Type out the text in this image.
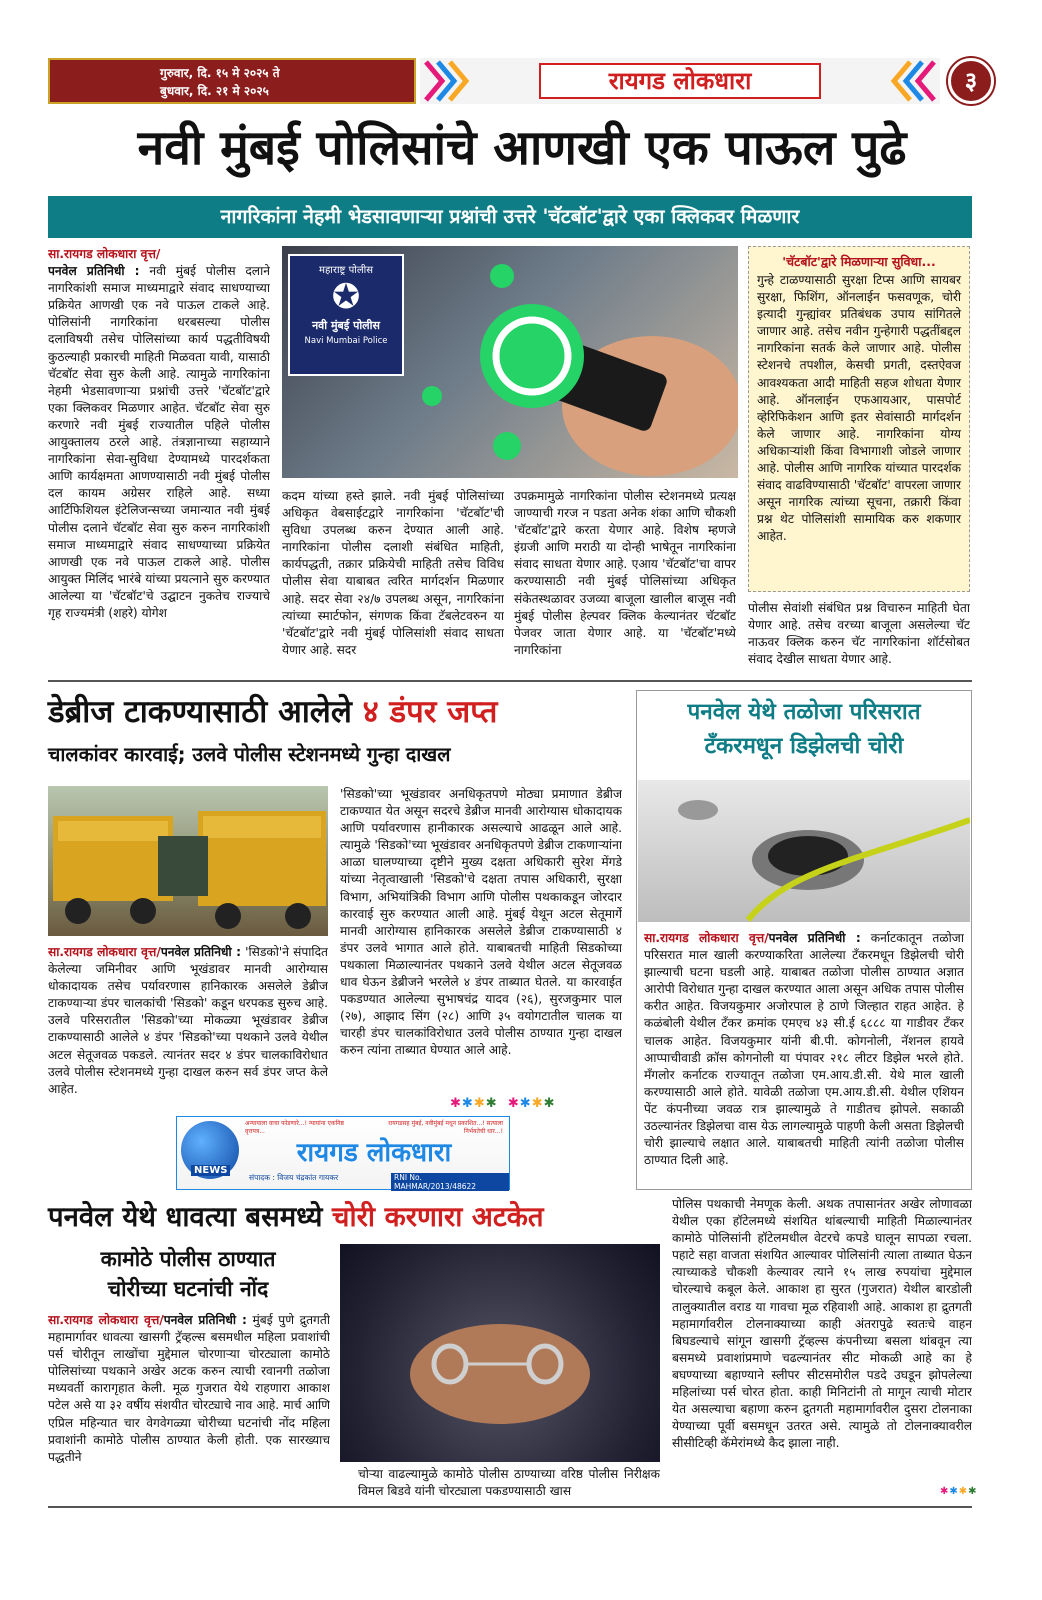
गुरुवार, दि. १५ मे २०२५ ते
बुधवार, दि. २१ मे २०२५	रायगड लोकधारा	३
नवी मुंबई पोलिसांचे आणखी एक पाऊल पुढे
नागरिकांना नेहमी भेडसावणाऱ्या प्रश्नांची उत्तरे 'चॅटबॉट'द्वारे एका क्लिकवर मिळणार

सा.रायगड लोकधारा वृत्त/

पनवेल प्रतिनिधी : नवी मुंबई पोलीस दलाने नागरिकांशी समाज माध्यमाद्वारे संवाद साधण्याच्या प्रक्रियेत आणखी एक नवे पाऊल टाकले आहे. पोलिसांनी नागरिकांना धरबसल्या पोलीस दलाविषयी तसेच पोलिसांच्या कार्य पद्धतीविषयी कुठल्याही प्रकारची माहिती मिळवता यावी, यासाठी चॅटबॉट सेवा सुरु केली आहे. त्यामुळे नागरिकांना नेहमी भेडसावणाऱ्या प्रश्नांची उत्तरे 'चॅटबॉट'द्वारे एका क्लिकवर मिळणार आहेत. चॅटबॉट सेवा सुरु करणारे नवी मुंबई राज्यातील पहिले पोलीस आयुक्तालय ठरले आहे. तंत्रज्ञानाच्या सहाय्याने नागरिकांना सेवा-सुविधा देण्यामध्ये पारदर्शकता आणि कार्यक्षमता आणण्यासाठी नवी मुंबई पोलीस दल कायम अग्रेसर राहिले आहे. सध्या आर्टिफिशियल इंटेलिजन्सच्या जमान्यात नवी मुंबई पोलीस दलाने चॅटबॉट सेवा सुरु करुन नागरिकांशी समाज माध्यमाद्वारे संवाद साधण्याच्या प्रक्रियेत आणखी एक नवे पाऊल टाकले आहे. पोलीस आयुक्त मिलिंद भारंबे यांच्या प्रयत्नाने सुरु करण्यात आलेल्या या 'चॅटबॉट'चे उद्घाटन नुकतेच राज्याचे गृह राज्यमंत्री (शहरे) योगेश

महाराष्ट्र पोलीस
✪
नवी मुंबई पोलीस
Navi Mumbai Police

कदम यांच्या हस्ते झाले. नवी मुंबई पोलिसांच्या अधिकृत वेबसाईटद्वारे नागरिकांना 'चॅटबॉट'ची सुविधा उपलब्ध करुन देण्यात आली आहे. नागरिकांना पोलीस दलाशी संबंधित माहिती, कार्यपद्धती, तक्रार प्रक्रियेची माहिती तसेच विविध पोलीस सेवा याबाबत त्वरित मार्गदर्शन मिळणार आहे. सदर सेवा २४/७ उपलब्ध असून, नागरिकांना त्यांच्या स्मार्टफोन, संगणक किंवा टॅबलेटवरुन या 'चॅटबॉट'द्वारे नवी मुंबई पोलिसांशी संवाद साधता येणार आहे. सदर

उपक्रमामुळे नागरिकांना पोलीस स्टेशनमध्ये प्रत्यक्ष जाण्याची गरज न पडता अनेक शंका आणि चौकशी 'चॅटबॉट'द्वारे करता येणार आहे. विशेष म्हणजे इंग्रजी आणि मराठी या दोन्ही भाषेतून नागरिकांना संवाद साधता येणार आहे. एआय 'चॅटबॉट'चा वापर करण्यासाठी नवी मुंबई पोलिसांच्या अधिकृत संकेतस्थळावर उजव्या बाजूला खालील बाजूस नवी मुंबई पोलीस हेल्पवर क्लिक केल्यानंतर चॅटबॉट पेजवर जाता येणार आहे. या 'चॅटबॉट'मध्ये नागरिकांना

'चॅटबॉट'द्वारे मिळणाऱ्या सुविधा...
गुन्हे टाळण्यासाठी सुरक्षा टिप्स आणि सायबर सुरक्षा, फिशिंग, ऑनलाईन फसवणूक, चोरी इत्यादी गुन्ह्यांवर प्रतिबंधक उपाय सांगितले जाणार आहे. तसेच नवीन गुन्हेगारी पद्धतींबद्दल नागरिकांना सतर्क केले जाणार आहे. पोलीस स्टेशनचे तपशील, केसची प्रगती, दस्तऐवज आवश्यकता आदी माहिती सहज शोधता येणार आहे. ऑनलाईन एफआयआर, पासपोर्ट व्हेरिफिकेशन आणि इतर सेवांसाठी मार्गदर्शन केले जाणार आहे. नागरिकांना योग्य अधिकाऱ्यांशी किंवा विभागाशी जोडले जाणार आहे. पोलीस आणि नागरिक यांच्यात पारदर्शक संवाद वाढविण्यासाठी 'चॅटबॉट' वापरला जाणार असून नागरिक त्यांच्या सूचना, तक्रारी किंवा प्रश्न थेट पोलिसांशी सामायिक करु शकणार आहेत.

पोलीस सेवांशी संबंधित प्रश्न विचारुन माहिती घेता येणार आहे. तसेच वरच्या बाजूला असलेल्या चॅट नाऊवर क्लिक करुन चॅट नागरिकांना शॉर्टसोबत संवाद देखील साधता येणार आहे.

डेब्रीज टाकण्यासाठी आलेले ४ डंपर जप्त
चालकांवर कारवाई; उलवे पोलीस स्टेशनमध्ये गुन्हा दाखल

सा.रायगड लोकधारा वृत्त/पनवेल प्रतिनिधी : 'सिडको'ने संपादित केलेल्या जमिनीवर आणि भूखंडावर मानवी आरोग्यास धोकादायक तसेच पर्यावरणास हानिकारक असलेले डेब्रीज टाकण्याऱ्या डंपर चालकांची 'सिडको' कडून धरपकड सुरुच आहे. उलवे परिसरातील 'सिडको'च्या मोकळ्या भूखंडावर डेब्रीज टाकण्यासाठी आलेले ४ डंपर 'सिडको'च्या पथकाने उलवे येथील अटल सेतूजवळ पकडले. त्यानंतर सदर ४ डंपर चालकाविरोधात उलवे पोलीस स्टेशनमध्ये गुन्हा दाखल करुन सर्व डंपर जप्त केले आहेत.

'सिडको'च्या भूखंडावर अनधिकृतपणे मोठ्या प्रमाणात डेब्रीज टाकण्यात येत असून सदरचे डेब्रीज मानवी आरोग्यास धोकादायक आणि पर्यावरणास हानीकारक असल्याचे आढळून आले आहे. त्यामुळे 'सिडको'च्या भूखंडावर अनधिकृतपणे डेब्रीज टाकणाऱ्यांना आळा घालण्याच्या दृष्टीने मुख्य दक्षता अधिकारी सुरेश मेंगडे यांच्या नेतृत्वाखाली 'सिडको'चे दक्षता तपास अधिकारी, सुरक्षा विभाग, अभियांत्रिकी विभाग आणि पोलीस पथकाकडून जोरदार कारवाई सुरु करण्यात आली आहे. मुंबई येथून अटल सेतूमार्गे मानवी आरोग्यास हानिकारक असलेले डेब्रीज टाकण्यासाठी ४ डंपर उलवे भागात आले होते. याबाबतची माहिती सिडकोच्या पथकाला मिळाल्यानंतर पथकाने उलवे येथील अटल सेतूजवळ धाव घेऊन डेब्रीजने भरलेले ४ डंपर ताब्यात घेतले. या कारवाईत पकडण्यात आलेल्या सुभाषचंद्र यादव (२६), सुरजकुमार पाल (२७), आझाद सिंग (२८) आणि ३५ वयोगटातील चालक या चारही डंपर चालकांविरोधात उलवे पोलीस ठाण्यात गुन्हा दाखल करुन त्यांना ताब्यात घेण्यात आले आहे.

✱✱✱✱ ✱✱✱✱
NEWS
अन्यायाला वाचा फोडणारे...! न्यायांना एकनिष्ठ वृत्तपत्र...
रायगडसह मुंबई, नवीमुंबई मधून प्रकाशित...! सत्याला निर्भयतेची धार...!
रायगड लोकधारा
संपादक : विजय चंद्रकांत गायकर	RNI No. MAHMAR/2013/48622
पनवेल येथे तळोजा परिसरात
टँकरमधून डिझेलची चोरी

सा.रायगड लोकधारा वृत्त/पनवेल प्रतिनिधी : कर्नाटकातून तळोजा परिसरात माल खाली करण्याकरिता आलेल्या टँकरमधून डिझेलची चोरी झाल्याची घटना घडली आहे. याबाबत तळोजा पोलीस ठाण्यात अज्ञात आरोपी विरोधात गुन्हा दाखल करण्यात आला असून अधिक तपास पोलीस करीत आहेत. विजयकुमार अजोरपाल हे ठाणे जिल्हात राहत आहेत. हे कळंबोली येथील टँकर क्रमांक एमएच ४३ सी.ई ६८८८ या गाडीवर टँकर चालक आहेत. विजयकुमार यांनी बी.पी. कोगनोली, नॅशनल हायवे आप्पाचीवाडी क्रॉस कोगनोली या पंपावर २१८ लीटर डिझेल भरले होते. मँगलोर कर्नाटक राज्यातून तळोजा एम.आय.डी.सी. येथे माल खाली करण्यासाठी आले होते. यावेळी तळोजा एम.आय.डी.सी. येथील एशियन पेंट कंपनीच्या जवळ रात्र झाल्यामुळे ते गाडीतच झोपले. सकाळी उठल्यानंतर डिझेलचा वास येऊ लागल्यामुळे पाहणी केली असता डिझेलची चोरी झाल्याचे लक्षात आले. याबाबतची माहिती त्यांनी तळोजा पोलीस ठाण्यात दिली आहे.

पनवेल येथे धावत्या बसमध्ये चोरी करणारा अटकेत
कामोठे पोलीस ठाण्यात
चोरीच्या घटनांची नोंद

सा.रायगड लोकधारा वृत्त/पनवेल प्रतिनिधी : मुंबई पुणे द्रुतगती महामार्गावर धावत्या खासगी ट्रॅव्हल्स बसमधील महिला प्रवाशांची पर्स चोरीतून लाखोंचा मुद्देमाल चोरणाऱ्या चोरट्याला कामोठे पोलिसांच्या पथकाने अखेर अटक करुन त्याची रवानगी तळोजा मध्यवर्ती कारागृहात केली. मूळ गुजरात येथे राहणारा आकाश पटेल असे या ३२ वर्षीय संशयीत चोरट्याचे नाव आहे. मार्च आणि एप्रिल महिन्यात चार वेगवेगळ्या चोरीच्या घटनांची नोंद महिला प्रवाशांनी कामोठे पोलीस ठाण्यात केली होती. एक सारख्याच पद्धतीने

चोऱ्या वाढल्यामुळे कामोठे पोलीस ठाण्याच्या वरिष्ठ पोलीस निरीक्षक विमल बिडवे यांनी चोरट्याला पकडण्यासाठी खास

पोलिस पथकाची नेमणूक केली. अथक तपासानंतर अखेर लोणावळा येथील एका हॉटेलमध्ये संशयित थांबल्याची माहिती मिळाल्यानंतर कामोठे पोलिसांनी हॉटेलमधील वेटरचे कपडे घालून सापळा रचला. पहाटे सहा वाजता संशयित आल्यावर पोलिसांनी त्याला ताब्यात घेऊन त्याच्याकडे चौकशी केल्यावर त्याने १५ लाख रुपयांचा मुद्देमाल चोरल्याचे कबूल केले. आकाश हा सुरत (गुजरात) येथील बारडोली तालुक्यातील वराड या गावचा मूळ रहिवाशी आहे. आकाश हा द्रुतगती महामार्गावरील टोलनाक्याच्या काही अंतरापुढे स्वतःचे वाहन बिघडल्याचे सांगून खासगी ट्रॅव्हल्स कंपनीच्या बसला थांबवून त्या बसमध्ये प्रवाशांप्रमाणे चढल्यानंतर सीट मोकळी आहे का हे बघण्याच्या बहाण्याने स्लीपर सीटसमोरील पडदे उघडून झोपलेल्या महिलांच्या पर्स चोरत होता. काही मिनिटांनी तो मागून त्याची मोटार येत असल्याचा बहाणा करुन द्रुतगती महामार्गावरील दुसरा टोलनाका येण्याच्या पूर्वी बसमधून उतरत असे. त्यामुळे तो टोलनाक्यावरील सीसीटिव्ही कॅमेरांमध्ये कैद झाला नाही.

✱✱✱✱
